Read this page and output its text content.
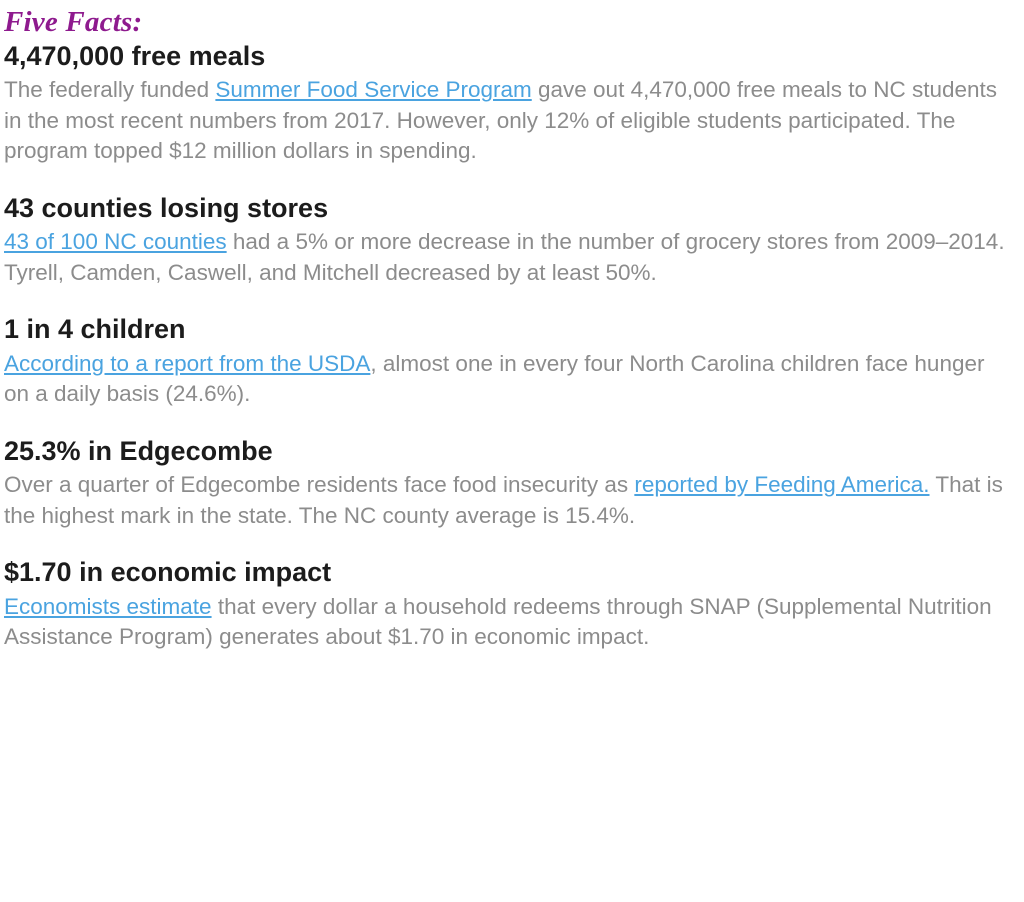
Five Facts:
4,470,000 free meals

The federally funded Summer Food Service Program gave out 4,470,000 free meals to NC students in the most recent numbers from 2017. However, only 12% of eligible students participated. The program topped $12 million dollars in spending.

43 counties losing stores

43 of 100 NC counties had a 5% or more decrease in the number of grocery stores from 2009–2014. Tyrell, Camden, Caswell, and Mitchell decreased by at least 50%.

1 in 4 children

According to a report from the USDA, almost one in every four North Carolina children face hunger on a daily basis (24.6%).

25.3% in Edgecombe

Over a quarter of Edgecombe residents face food insecurity as reported by Feeding America. That is the highest mark in the state. The NC county average is 15.4%.

$1.70 in economic impact

Economists estimate that every dollar a household redeems through SNAP (Supplemental Nutrition Assistance Program) generates about $1.70 in economic impact.
